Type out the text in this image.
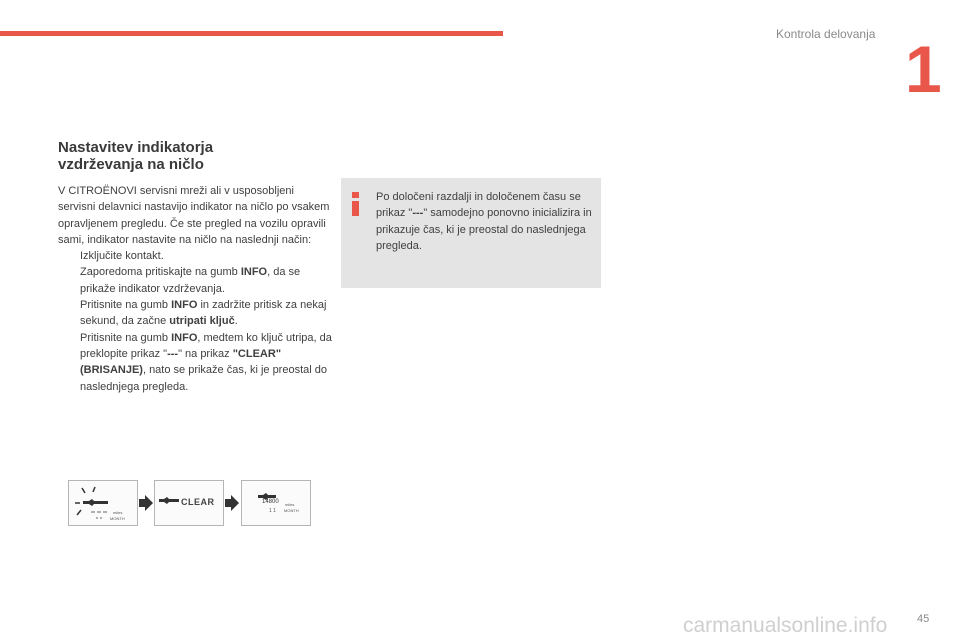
Kontrola delovanja 1
Nastavitev indikatorja
vzdrževanja na ničlo

V CITROËNOVI servisni mreži ali v usposobljeni servisni delavnici nastavijo indikator na ničlo po vsakem opravljenem pregledu. Če ste pregled na vozilu opravili sami, indikator nastavite na ničlo na naslednji način:

Izključite kontakt.
Zaporedoma pritiskajte na gumb INFO, da se prikaže indikator vzdrževanja.
Pritisnite na gumb INFO in zadržite pritisk za nekaj sekund, da začne utripati ključ.
Pritisnite na gumb INFO, medtem ko ključ utripa, da preklopite prikaz "---" na prikaz "CLEAR" (BRISANJE), nato se prikaže čas, ki je preostal do naslednjega pregleda.

Po določeni razdalji in določenem času se prikaz "---" samodejno ponovno inicializira in prikazuje čas, ki je preostal do naslednjega pregleda.

miles
MONTH
CLEAR	14800 miles
1 1 MONTH
carmanualsonline.info	45
